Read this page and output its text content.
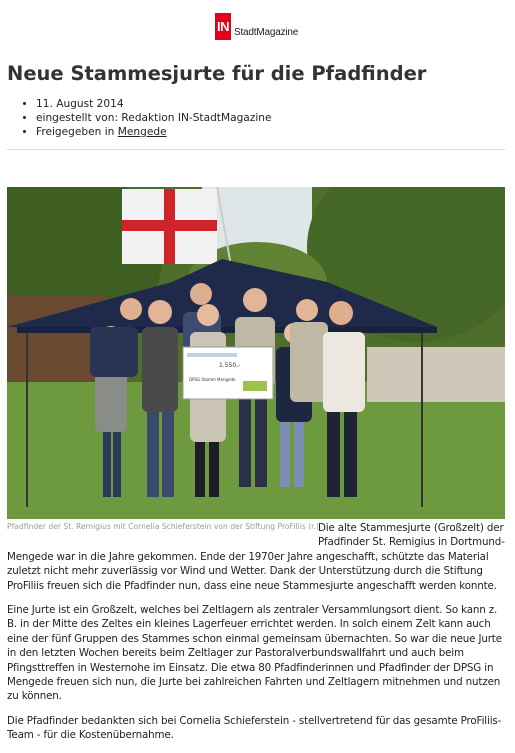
IN StadtMagazine
Neue Stammesjurte für die Pfadfinder
• 11. August 2014
• eingestellt von: Redaktion IN-StadtMagazine
• Freigegeben in Mengede
1.550,-
DPSG Stamm Mengede
Pfadfinder der St. Remigius mit Cornelia Schieferstein von der Stiftung ProFiliis (r.) Die alte Stammesjurte (Großzelt) der Pfadfinder St. Remigius in Dortmund-Mengede war in die Jahre gekommen. Ende der 1970er Jahre angeschafft, schützte das Material zuletzt nicht mehr zuverlässig vor Wind und Wetter. Dank der Unterstützung durch die Stiftung ProFiliis freuen sich die Pfadfinder nun, dass eine neue Stammesjurte angeschafft werden konnte.

Eine Jurte ist ein Großzelt, welches bei Zeltlagern als zentraler Versammlungsort dient. So kann z. B. in der Mitte des Zeltes ein kleines Lagerfeuer errichtet werden. In solch einem Zelt kann auch eine der fünf Gruppen des Stammes schon einmal gemeinsam übernachten. So war die neue Jurte in den letzten Wochen bereits beim Zeltlager zur Pastoralverbundswallfahrt und auch beim Pfingsttreffen in Westernohe im Einsatz. Die etwa 80 Pfadfinderinnen und Pfadfinder der DPSG in Mengede freuen sich nun, die Jurte bei zahlreichen Fahrten und Zeltlagern mitnehmen und nutzen zu können.

Die Pfadfinder bedankten sich bei Cornelia Schieferstein - stellvertretend für das gesamte ProFiliis-Team - für die Kostenübernahme.
